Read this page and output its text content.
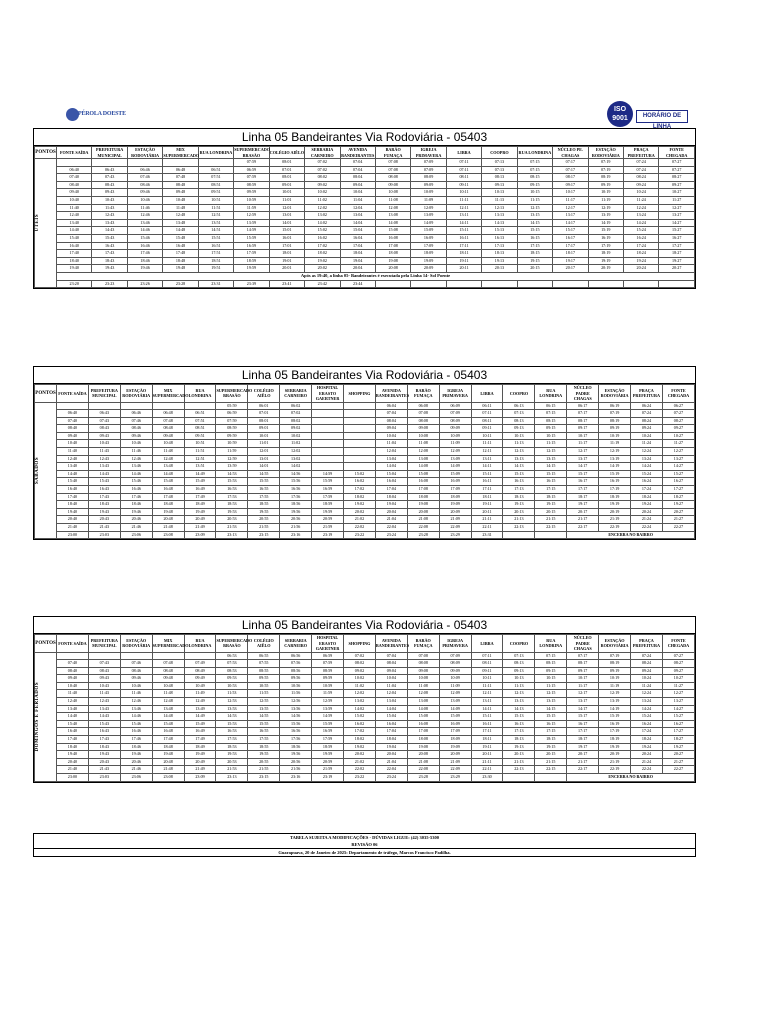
PÉROLA DOESTE
ISO 9001	HORÁRIO DE LINHA
Linha 05 Bandeirantes Via Rodoviária - 05403
PONTOS	FONTE SAÍDA	PREFEITURA MUNICIPAL	ESTAÇÃO RODOVIÁRIA	MIX SUPERMERCADO	RUA LONDRINA	SUPERMERCADO BRASÃO	COLÉGIO AIÊLO	SERRARIA CARNEIRO	AVENIDA BANDEIRANTES	BARÃO FUMAÇA	IGREJA PRIMAVERA	LIBRA	COOPRO	RUA LONDRINA	NÚCLEO PE. CHAGAS	ESTAÇÃO RODOVIÁRIA	PRAÇA PREFEITURA	FONTE CHEGADA

ÚTEIS						07:59	08:01	07:02	07:04	07:08	07:09	07:11	07:13	07:15	07:17	07:19	07:24	07:27
	06:40	06:43	06:46	06:48	06:51	06:59	07:01	07:02	07:04	07:08	07:09	07:11	07:13	07:15	07:17	07:19	07:24	07:27
	07:40	07:43	07:46	07:48	07:51	07:59	08:01	08:02	08:04	08:08	08:09	08:11	08:13	08:15	08:17	08:19	08:24	08:27
	08:40	08:43	08:46	08:48	08:51	08:59	09:01	09:02	09:04	09:08	09:09	09:11	09:13	09:15	09:17	09:19	09:24	09:27
	09:40	09:43	09:46	09:48	09:51	09:59	10:01	10:02	10:04	10:08	10:09	10:11	10:13	10:15	10:17	10:19	10:24	10:27
	10:40	10:43	10:46	10:48	10:51	10:59	11:01	11:02	11:04	11:08	11:09	11:11	11:13	11:15	11:17	11:19	11:24	11:27
	11:40	11:43	11:46	11:48	11:51	11:59	12:01	12:02	12:04	12:08	12:09	12:11	12:13	12:15	12:17	12:19	12:24	12:27
	12:40	12:43	12:46	12:48	12:51	12:59	13:01	13:02	13:04	13:08	13:09	13:11	13:13	13:15	13:17	13:19	13:24	13:27
	13:40	13:43	13:46	13:48	13:51	13:59	14:01	14:02	14:04	14:08	14:09	14:11	14:13	14:15	14:17	14:19	14:24	14:27
	14:40	14:43	14:46	14:48	14:51	14:59	15:01	15:02	15:04	15:08	15:09	15:11	15:13	15:15	15:17	15:19	15:24	15:27
	15:40	15:43	15:46	15:48	15:51	15:59	16:01	16:02	16:04	16:08	16:09	16:11	16:13	16:15	16:17	16:19	16:24	16:27
	16:40	16:43	16:46	16:48	16:51	16:59	17:01	17:02	17:04	17:08	17:09	17:11	17:13	17:15	17:17	17:19	17:24	17:27
	17:40	17:43	17:46	17:48	17:51	17:59	18:01	18:02	18:04	18:08	18:09	18:11	18:13	18:15	18:17	18:19	18:24	18:27
	18:40	18:43	18:46	18:48	18:51	18:59	19:01	19:02	19:04	19:08	19:09	19:11	19:13	19:15	19:17	19:19	19:24	19:27
	19:40	19:43	19:46	19:48	19:51	19:59	20:01	20:02	20:04	20:08	20:09	20:11	20:13	20:15	20:17	20:19	20:24	20:27
	Após as 19:40, a linha 05- Bandeirantes é executada pela Linha 14- Sol Poente																	
	23:20	23:23	23:26	23:28	23:31	23:39	23:41	23:42	23:44									
Linha 05 Bandeirantes Via Rodoviária - 05403
PONTOS	FONTE SAÍDA	PREFEITURA MUNICIPAL	ESTAÇÃO RODOVIÁRIA	MIX SUPERMERCADO	RUA LONDRINA	SUPERMERCADO BRASÃO	COLÉGIO AIÊLO	SERRARIA CARNEIRO	HOSPITAL ERASTO GAERTNER	SHOPPING	AVENIDA BANDEIRANTES	BARÃO FUMAÇA	IGREJA PRIMAVERA	LIBRA	COOPRO	RUA LONDRINA	NÚCLEO PADRE CHAGAS	ESTAÇÃO RODOVIÁRIA	PRAÇA PREFEITURA	FONTE CHEGADA

SÁBADOS						05:59	06:01	06:02			06:04	06:08	06:09	06:11	06:13	06:15	06:17	06:19	06:24	06:27
	06:40	06:43	06:46	06:48	06:51	06:59	07:01	07:02			07:04	07:08	07:09	07:11	07:13	07:15	07:17	07:19	07:24	07:27
	07:40	07:43	07:46	07:48	07:51	07:59	08:01	08:02			08:04	08:08	08:09	08:11	08:13	08:15	08:17	08:19	08:24	08:27
	08:40	08:43	08:46	08:48	08:51	08:59	09:01	09:02			09:04	09:08	09:09	09:11	09:13	09:15	09:17	09:19	09:24	09:27
	09:40	09:43	09:46	09:48	09:51	09:59	10:01	10:02			10:04	10:08	10:09	10:11	10:13	10:15	10:17	10:19	10:24	10:27
	10:40	10:43	10:46	10:48	10:51	10:59	11:01	11:02			11:04	11:08	11:09	11:11	11:13	11:15	11:17	11:19	11:24	11:27
	11:40	11:43	11:46	11:48	11:51	11:59	12:01	12:02			12:04	12:08	12:09	12:11	12:13	12:15	12:17	12:19	12:24	12:27
	12:40	12:43	12:46	12:48	12:51	12:59	13:01	13:02			13:04	13:08	13:09	13:11	13:13	13:15	13:17	13:19	13:24	13:27
	13:40	13:43	13:46	13:48	13:51	13:59	14:01	14:02			14:04	14:08	14:09	14:11	14:13	14:15	14:17	14:19	14:24	14:27
	14:40	14:43	14:46	14:48	14:49	14:53	14:55	14:56	14:59	15:02	15:04	15:08	15:09	15:11	15:13	15:15	15:17	15:19	15:24	15:27
	15:40	15:43	15:46	15:48	15:49	15:53	15:55	15:56	15:59	16:02	16:04	16:08	16:09	16:11	16:13	16:15	16:17	16:19	16:24	16:27
	16:40	16:43	16:46	16:48	16:49	16:53	16:55	16:56	16:59	17:02	17:04	17:08	17:09	17:11	17:13	17:15	17:17	17:19	17:24	17:27
	17:40	17:43	17:46	17:48	17:49	17:53	17:55	17:56	17:59	18:02	18:04	18:08	18:09	18:11	18:13	18:15	18:17	18:19	18:24	18:27
	18:40	18:43	18:46	18:48	18:49	18:53	18:55	18:56	18:59	19:02	19:04	19:08	19:09	19:11	19:13	19:15	19:17	19:19	19:24	19:27
	19:40	19:43	19:46	19:48	19:49	19:53	19:55	19:56	19:59	20:02	20:04	20:08	20:09	20:11	20:13	20:15	20:17	20:19	20:24	20:27
	20:40	20:43	20:46	20:48	20:49	20:53	20:55	20:56	20:59	21:02	21:04	21:08	21:09	21:11	21:13	21:15	21:17	21:19	21:24	21:27
	21:40	21:43	21:46	21:48	21:49	21:53	21:55	21:56	21:59	22:02	22:04	22:08	22:09	22:11	22:13	22:15	22:17	22:19	22:24	22:27
	23:00	23:03	23:06	23:08	23:09	23:13	23:15	23:16	23:19	23:22	23:24	23:28	23:29	23:31			ENCERRA NO BAIRRO			
Linha 05 Bandeirantes Via Rodoviária - 05403
PONTOS	FONTE SAÍDA	PREFEITURA MUNICIPAL	ESTAÇÃO RODOVIÁRIA	MIX SUPERMERCADO	RUA LONDRINA	SUPERMERCADO BRASÃO	COLÉGIO AIÊLO	SERRARIA CARNEIRO	HOSPITAL ERASTO GAERTNER	SHOPPING	AVENIDA BANDEIRANTES	BARÃO FUMAÇA	IGREJA PRIMAVERA	LIBRA	COOPRO	RUA LONDRINA	NÚCLEO PADRE CHAGAS	ESTAÇÃO RODOVIÁRIA	PRAÇA PREFEITURA	FONTE CHEGADA

DOMINGOS E FERIADOS						06:53	06:55	06:56	06:59	07:02	07:04	07:08	07:09	07:11	07:13	07:15	07:17	07:19	07:24	07:27
	07:40	07:43	07:46	07:48	07:49	07:53	07:55	07:56	07:59	08:02	08:04	08:08	08:09	08:11	08:13	08:15	08:17	08:19	08:24	08:27
	08:40	08:43	08:46	08:48	08:49	08:53	08:55	08:56	08:59	09:02	09:04	09:08	09:09	09:11	09:13	09:15	09:17	09:19	09:24	09:27
	09:40	09:43	09:46	09:48	09:49	09:53	09:55	09:56	09:59	10:02	10:04	10:08	10:09	10:11	10:13	10:15	10:17	10:19	10:24	10:27
	10:40	10:43	10:46	10:48	10:49	10:53	10:55	10:56	10:59	11:02	11:04	11:08	11:09	11:11	11:13	11:15	11:17	11:19	11:24	11:27
	11:40	11:43	11:46	11:48	11:49	11:53	11:55	11:56	11:59	12:02	12:04	12:08	12:09	12:11	12:13	12:15	12:17	12:19	12:24	12:27
	12:40	12:43	12:46	12:48	12:49	12:53	12:55	12:56	12:59	13:02	13:04	13:08	13:09	13:11	13:13	13:15	13:17	13:19	13:24	13:27
	13:40	13:43	13:46	13:48	13:49	13:53	13:55	13:56	13:59	14:02	14:04	14:08	14:09	14:11	14:13	14:15	14:17	14:19	14:24	14:27
	14:40	14:43	14:46	14:48	14:49	14:53	14:55	14:56	14:59	15:02	15:04	15:08	15:09	15:11	15:13	15:15	15:17	15:19	15:24	15:27
	15:40	15:43	15:46	15:48	15:49	15:53	15:55	15:56	15:59	16:02	16:04	16:08	16:09	16:11	16:13	16:15	16:17	16:19	16:24	16:27
	16:40	16:43	16:46	16:48	16:49	16:53	16:55	16:56	16:59	17:02	17:04	17:08	17:09	17:11	17:13	17:15	17:17	17:19	17:24	17:27
	17:40	17:43	17:46	17:48	17:49	17:53	17:55	17:56	17:59	18:02	18:04	18:08	18:09	18:11	18:13	18:15	18:17	18:19	18:24	18:27
	18:40	18:43	18:46	18:48	18:49	18:53	18:55	18:56	18:59	19:02	19:04	19:08	19:09	19:11	19:13	19:15	19:17	19:19	19:24	19:27
	19:40	19:43	19:46	19:48	19:49	19:53	19:55	19:56	19:59	20:02	20:04	20:08	20:09	20:11	20:13	20:15	20:17	20:19	20:24	20:27
	20:40	20:43	20:46	20:48	20:49	20:53	20:55	20:56	20:59	21:02	21:04	21:08	21:09	21:11	21:13	21:15	21:17	21:19	21:24	21:27
	21:40	21:43	21:46	21:48	21:49	21:53	21:55	21:56	21:59	22:02	22:04	22:08	22:09	22:11	22:13	22:15	22:17	22:19	22:24	22:27
	23:00	23:03	23:06	23:08	23:09	23:13	23:15	23:16	23:19	23:22	23:24	23:28	23:29	23:30			ENCERRA NO BAIRRO			
TABELA SUJEITA A MODIFICAÇÕES - DÚVIDAS LIGUE: (42) 3035-5300
REVISÃO 06
Guarapuava, 20 de Janeiro de 2025: Departamento de tráfego, Marcos Francisco Padilha.
